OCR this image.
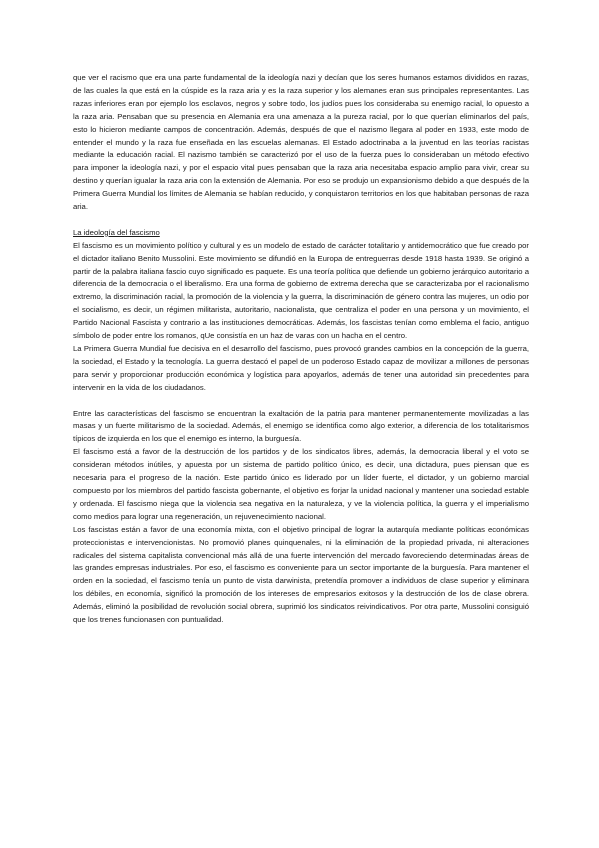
que ver el racismo que era una parte fundamental de la ideología nazi y decían que los seres humanos estamos divididos en razas, de las cuales la que está en la cúspide es la raza aria y es la raza superior y los alemanes eran sus principales representantes. Las razas inferiores eran por ejemplo los esclavos, negros y sobre todo, los judíos pues los consideraba su enemigo racial, lo opuesto a la raza aria. Pensaban que su presencia en Alemania era una amenaza a la pureza racial, por lo que querían eliminarlos del país, esto lo hicieron mediante campos de concentración. Además, después de que el nazismo llegara al poder en 1933, este modo de entender el mundo y la raza fue enseñada en las escuelas alemanas. El Estado adoctrinaba a la juventud en las teorías racistas mediante la educación racial. El nazismo también se caracterizó por el uso de la fuerza pues lo consideraban un método efectivo para imponer la ideología nazi, y por el espacio vital pues pensaban que la raza aria necesitaba espacio amplio para vivir, crear su destino y querían igualar la raza aria con la extensión de Alemania. Por eso se produjo un expansionismo debido a que después de la Primera Guerra Mundial los límites de Alemania se habían reducido, y conquistaron territorios en los que habitaban personas de raza aria.

La ideología del fascismo

El fascismo es un movimiento político y cultural y es un modelo de estado de carácter totalitario y antidemocrático que fue creado por el dictador italiano Benito Mussolini. Este movimiento se difundió en la Europa de entreguerras desde 1918 hasta 1939. Se originó a partir de la palabra italiana fascio cuyo significado es paquete. Es una teoría política que defiende un gobierno jerárquico autoritario a diferencia de la democracia o el liberalismo. Era una forma de gobierno de extrema derecha que se caracterizaba por el racionalismo extremo, la discriminación racial, la promoción de la violencia y la guerra, la discriminación de género contra las mujeres, un odio por el socialismo, es decir, un régimen militarista, autoritario, nacionalista, que centraliza el poder en una persona y un movimiento, el Partido Nacional Fascista y contrario a las instituciones democráticas. Además, los fascistas tenían como emblema el facio, antiguo símbolo de poder entre los romanos, qUe consistía en un haz de varas con un hacha en el centro.

La Primera Guerra Mundial fue decisiva en el desarrollo del fascismo, pues provocó grandes cambios en la concepción de la guerra, la sociedad, el Estado y la tecnología. La guerra destacó el papel de un poderoso Estado capaz de movilizar a millones de personas para servir y proporcionar producción económica y logística para apoyarlos, además de tener una autoridad sin precedentes para intervenir en la vida de los ciudadanos.

Entre las características del fascismo se encuentran la exaltación de la patria para mantener permanentemente movilizadas a las masas y un fuerte militarismo de la sociedad. Además, el enemigo se identifica como algo exterior, a diferencia de los totalitarismos típicos de izquierda en los que el enemigo es interno, la burguesía.

El fascismo está a favor de la destrucción de los partidos y de los sindicatos libres, además, la democracia liberal y el voto se consideran métodos inútiles, y apuesta por un sistema de partido político único, es decir, una dictadura, pues piensan que es necesaria para el progreso de la nación. Este partido único es liderado por un líder fuerte, el dictador, y un gobierno marcial compuesto por los miembros del partido fascista gobernante, el objetivo es forjar la unidad nacional y mantener una sociedad estable y ordenada. El fascismo niega que la violencia sea negativa en la naturaleza, y ve la violencia política, la guerra y el imperialismo como medios para lograr una regeneración, un rejuvenecimiento nacional.

Los fascistas están a favor de una economía mixta, con el objetivo principal de lograr la autarquía mediante políticas económicas proteccionistas e intervencionistas. No promovió planes quinquenales, ni la eliminación de la propiedad privada, ni alteraciones radicales del sistema capitalista convencional más allá de una fuerte intervención del mercado favoreciendo determinadas áreas de las grandes empresas industriales. Por eso, el fascismo es conveniente para un sector importante de la burguesía. Para mantener el orden en la sociedad, el fascismo tenía un punto de vista darwinista, pretendía promover a individuos de clase superior y eliminara los débiles, en economía, significó la promoción de los intereses de empresarios exitosos y la destrucción de los de clase obrera. Además, eliminó la posibilidad de revolución social obrera, suprimió los sindicatos reivindicativos. Por otra parte, Mussolini consiguió que los trenes funcionasen con puntualidad.
